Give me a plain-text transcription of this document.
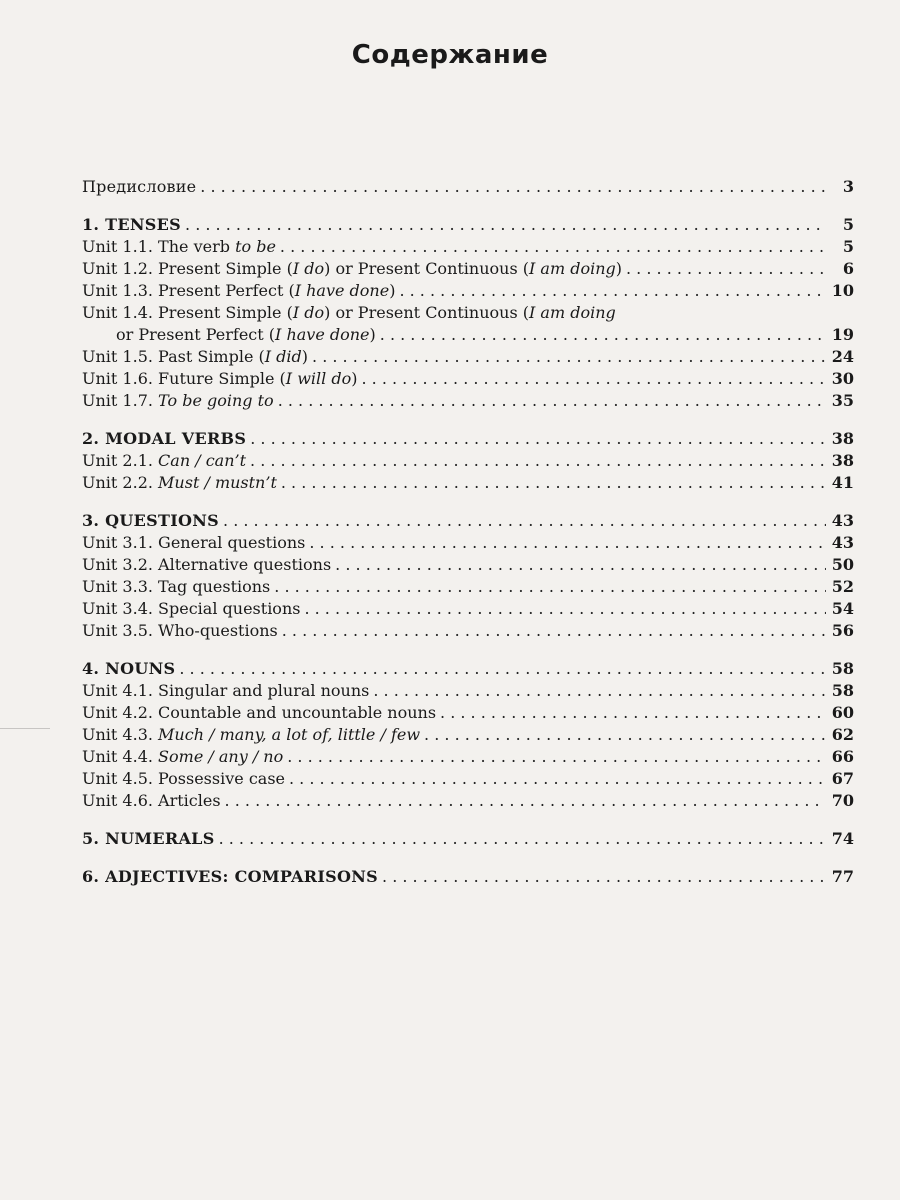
Содержание
Предисловие . . .	3
1. TENSES . . .	5
Unit 1.1. The verb to be . . .	5
Unit 1.2. Present Simple (I do) or Present Continuous (I am doing) . . .	6
Unit 1.3. Present Perfect (I have done) . . .	10
Unit 1.4. Present Simple (I do) or Present Continuous (I am doing
or Present Perfect (I have done) . . .	19
Unit 1.5. Past Simple (I did) . . .	24
Unit 1.6. Future Simple (I will do) . . .	30
Unit 1.7. To be going to . . .	35
2. MODAL VERBS . . .	38
Unit 2.1. Can / can’t . . .	38
Unit 2.2. Must / mustn’t . . .	41
3. QUESTIONS . . .	43
Unit 3.1. General questions . . .	43
Unit 3.2. Alternative questions . . .	50
Unit 3.3. Tag questions . . .	52
Unit 3.4. Special questions . . .	54
Unit 3.5. Who-questions . . .	56
4. NOUNS . . .	58
Unit 4.1. Singular and plural nouns . . .	58
Unit 4.2. Countable and uncountable nouns . . .	60
Unit 4.3. Much / many, a lot of, little / few . . .	62
Unit 4.4. Some / any / no . . .	66
Unit 4.5. Possessive case . . .	67
Unit 4.6. Articles . . .	70
5. NUMERALS . . .	74
6. ADJECTIVES: COMPARISONS . . .	77
